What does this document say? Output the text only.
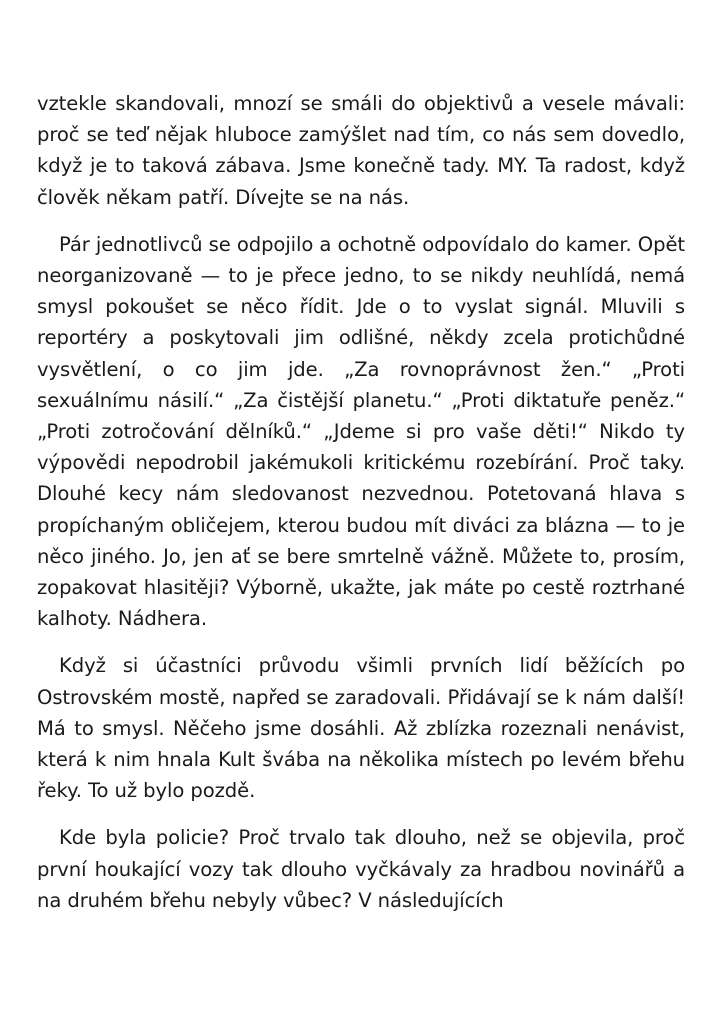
vztekle skandovali, mnozí se smáli do objektivů a vesele mávali: proč se teď nějak hluboce zamýšlet nad tím, co nás sem dovedlo, když je to taková zábava. Jsme konečně tady. MY. Ta radost, když člověk někam patří. Dívejte se na nás.

Pár jednotlivců se odpojilo a ochotně odpovídalo do kamer. Opět neorganizovaně — to je přece jedno, to se nikdy neuhlídá, nemá smysl pokoušet se něco řídit. Jde o to vyslat signál. Mluvili s reportéry a poskytovali jim odlišné, někdy zcela protichůdné vysvětlení, o co jim jde. „Za rovnoprávnost žen.“ „Proti sexuálnímu násilí.“ „Za čistější planetu.“ „Proti diktatuře peněz.“ „Proti zotročování dělníků.“ „Jdeme si pro vaše děti!“ Nikdo ty výpovědi nepodrobil jakémukoli kritickému rozebírání. Proč taky. Dlouhé kecy nám sledovanost nezvednou. Potetovaná hlava s propíchaným obličejem, kterou budou mít diváci za blázna — to je něco jiného. Jo, jen ať se bere smrtelně vážně. Můžete to, prosím, zopakovat hlasitěji? Výborně, ukažte, jak máte po cestě roztrhané kalhoty. Nádhera.

Když si účastníci průvodu všimli prvních lidí běžících po Ostrovském mostě, napřed se zaradovali. Přidávají se k nám další! Má to smysl. Něčeho jsme dosáhli. Až zblízka rozeznali nenávist, která k nim hnala Kult švába na několika místech po levém břehu řeky. To už bylo pozdě.

Kde byla policie? Proč trvalo tak dlouho, než se objevila, proč první houkající vozy tak dlouho vyčkávaly za hradbou novinářů a na druhém břehu nebyly vůbec? V následujících
